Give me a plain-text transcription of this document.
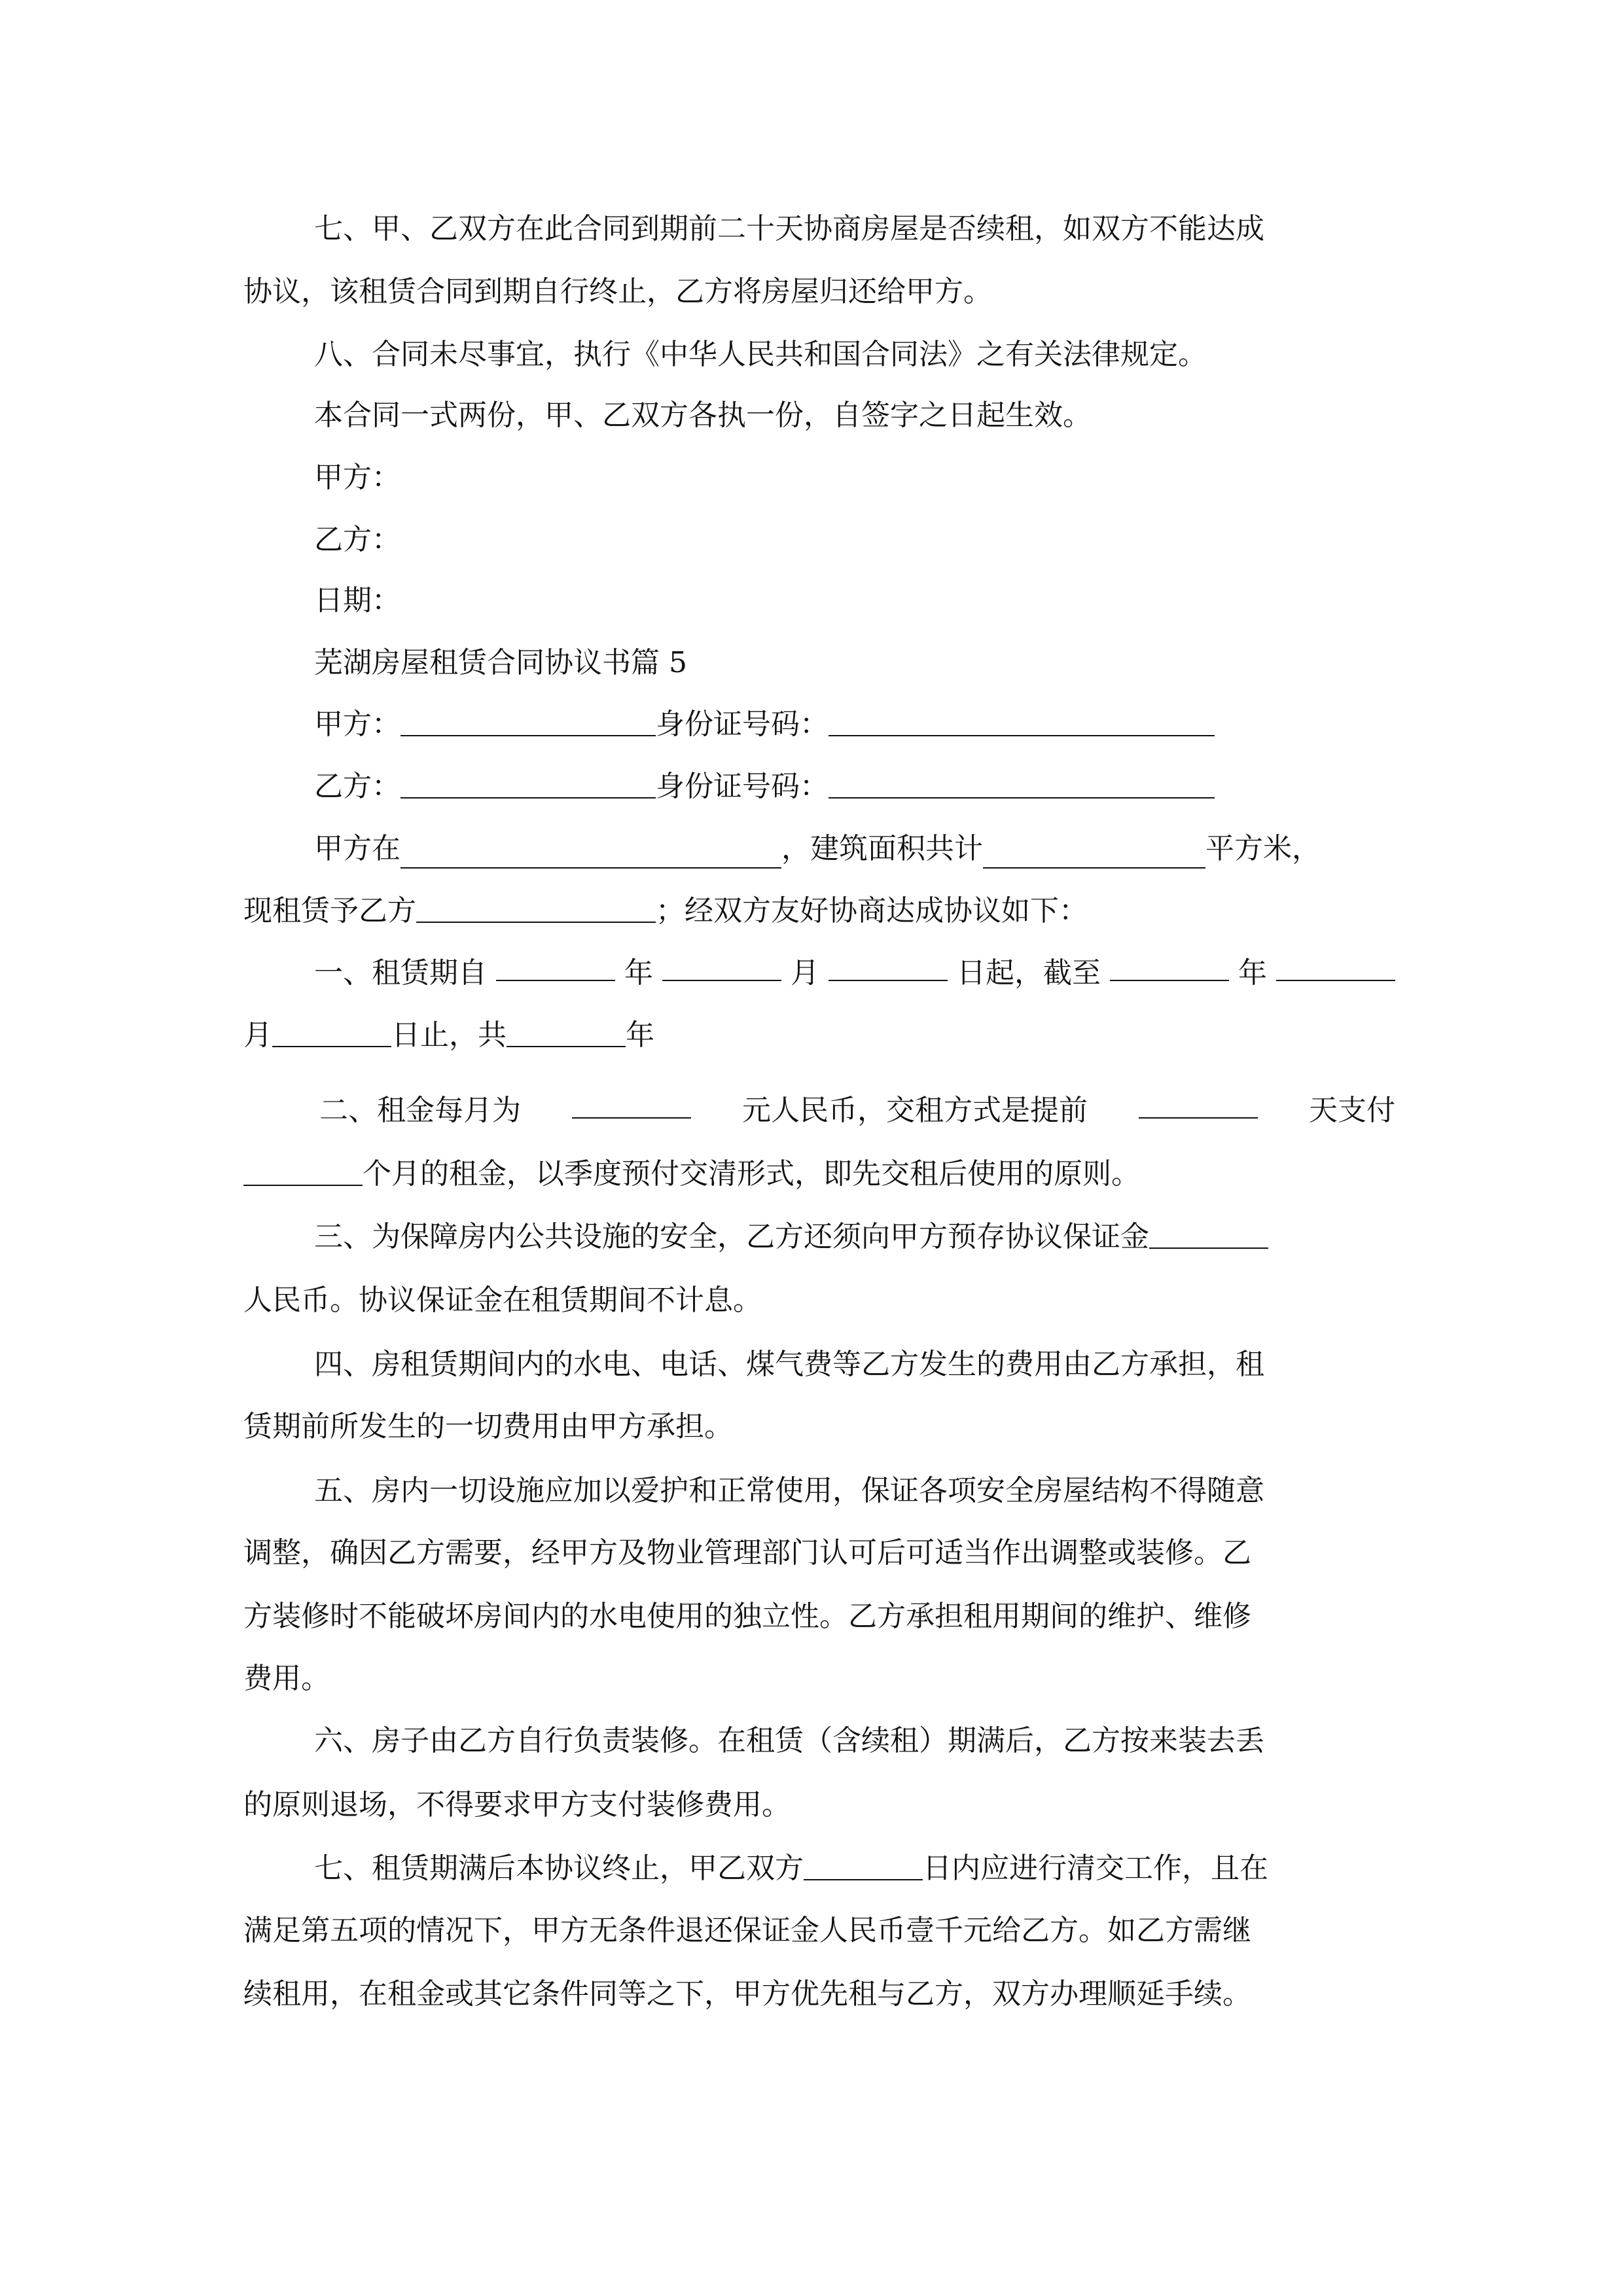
七、甲、乙双方在此合同到期前二十天协商房屋是否续租，如双方不能达成
协议，该租赁合同到期自行终止，乙方将房屋归还给甲方。
八、合同未尽事宜，执行《中华人民共和国合同法》之有关法律规定。
本合同一式两份，甲、乙双方各执一份，自签字之日起生效。
甲方：
乙方：
日期：
芜湖房屋租赁合同协议书篇 5
甲方：	身份证号码：
乙方：	身份证号码：
甲方在	，建筑面积共计	平方米，
现租赁予乙方	；经双方友好协商达成协议如下：
一、租赁期自	年	月	日起，截至	年
月	日止，共	年
二、租金每月为	元人民币，交租方式是提前	天支付
个月的租金，以季度预付交清形式，即先交租后使用的原则。
三、为保障房内公共设施的安全，乙方还须向甲方预存协议保证金
人民币。协议保证金在租赁期间不计息。
四、房租赁期间内的水电、电话、煤气费等乙方发生的费用由乙方承担，租
赁期前所发生的一切费用由甲方承担。
五、房内一切设施应加以爱护和正常使用，保证各项安全房屋结构不得随意
调整，确因乙方需要，经甲方及物业管理部门认可后可适当作出调整或装修。乙
方装修时不能破坏房间内的水电使用的独立性。乙方承担租用期间的维护、维修
费用。
六、房子由乙方自行负责装修。在租赁（含续租）期满后，乙方按来装去丢
的原则退场，不得要求甲方支付装修费用。
七、租赁期满后本协议终止，甲乙双方	日内应进行清交工作，且在
满足第五项的情况下，甲方无条件退还保证金人民币壹千元给乙方。如乙方需继
续租用，在租金或其它条件同等之下，甲方优先租与乙方，双方办理顺延手续。
